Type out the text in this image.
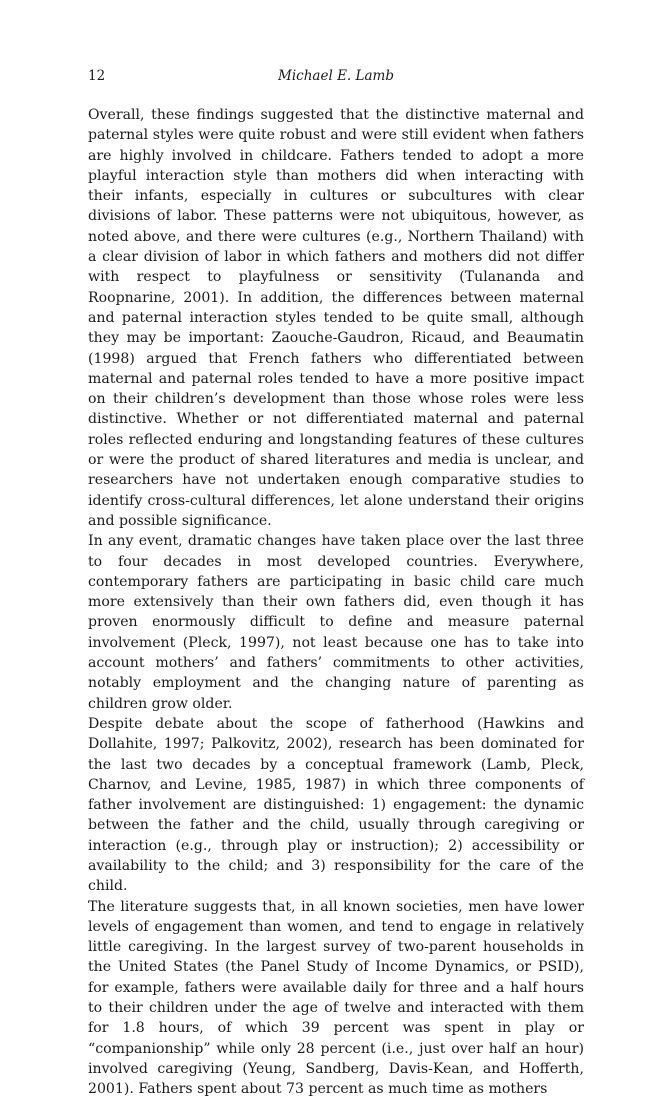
12	Michael E. Lamb

Overall, these findings suggested that the distinctive maternal and paternal styles were quite robust and were still evident when fathers are highly involved in childcare. Fathers tended to adopt a more playful interaction style than mothers did when interacting with their infants, especially in cultures or subcultures with clear divisions of labor. These patterns were not ubiquitous, however, as noted above, and there were cultures (e.g., Northern Thailand) with a clear division of labor in which fathers and mothers did not differ with respect to playfulness or sensitivity (Tulananda and Roopnarine, 2001). In addition, the differences between maternal and paternal interaction styles tended to be quite small, although they may be important: Zaouche-Gaudron, Ricaud, and Beaumatin (1998) argued that French fathers who differentiated between maternal and paternal roles tended to have a more positive impact on their children’s development than those whose roles were less distinctive. Whether or not differentiated maternal and paternal roles reflected enduring and longstanding features of these cultures or were the product of shared literatures and media is unclear, and researchers have not undertaken enough comparative studies to identify cross-cultural differences, let alone understand their origins and possible significance.

In any event, dramatic changes have taken place over the last three to four decades in most developed countries. Everywhere, contemporary fathers are participating in basic child care much more extensively than their own fathers did, even though it has proven enormously difficult to define and measure paternal involvement (Pleck, 1997), not least because one has to take into account mothers’ and fathers’ commitments to other activities, notably employment and the changing nature of parenting as children grow older.

Despite debate about the scope of fatherhood (Hawkins and Dollahite, 1997; Palkovitz, 2002), research has been dominated for the last two decades by a conceptual framework (Lamb, Pleck, Charnov, and Levine, 1985, 1987) in which three components of father involvement are distinguished: 1) engagement: the dynamic between the father and the child, usually through caregiving or interaction (e.g., through play or instruction); 2) accessibility or availability to the child; and 3) responsibility for the care of the child.

The literature suggests that, in all known societies, men have lower levels of engagement than women, and tend to engage in relatively little caregiving. In the largest survey of two-parent households in the United States (the Panel Study of Income Dynamics, or PSID), for example, fathers were available daily for three and a half hours to their children under the age of twelve and interacted with them for 1.8 hours, of which 39 percent was spent in play or “companionship” while only 28 percent (i.e., just over half an hour) involved caregiving (Yeung, Sandberg, Davis-Kean, and Hofferth, 2001). Fathers spent about 73 percent as much time as mothers
